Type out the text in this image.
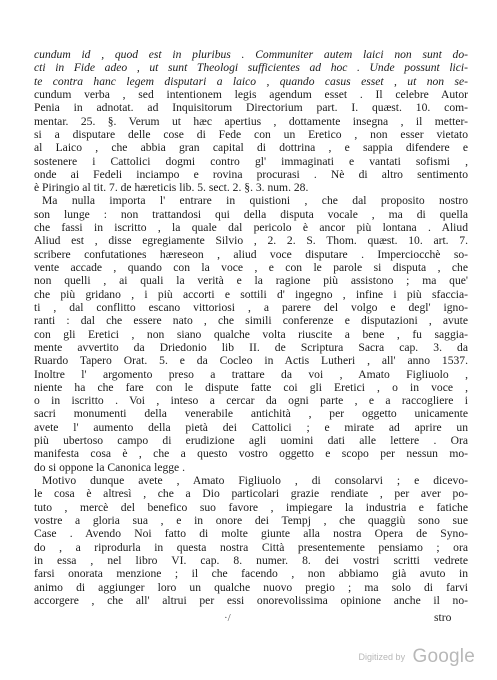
cundum id , quod est in pluribus . Communiter autem laici non sunt do-
cti in Fide adeo , ut sunt Theologi sufficientes ad hoc . Unde possunt lici-
te contra hanc legem disputari a laico , quando casus esset , ut non se-
cundum verba , sed intentionem legis agendum esset . Il celebre Autor
Penia in adnotat. ad Inquisitorum Directorium part. I. quæst. 10. com-
mentar. 25. §. Verum ut hæc apertius , dottamente insegna , il metter-
si a disputare delle cose di Fede con un Eretico , non esser vietato
al Laico , che abbia gran capital di dottrina , e sappia difendere e
sostenere i Cattolici dogmi contro gl' immaginati e vantati sofismi ,
onde ai Fedeli inciampo e rovina procurasi . Nè di altro sentimento
è Piringio al tit. 7. de hæreticis lib. 5. sect. 2. §. 3. num. 28.
Ma nulla importa l' entrare in quistioni , che dal proposito nostro
son lunge : non trattandosi qui della disputa vocale , ma di quella
che fassi in iscritto , la quale dal pericolo è ancor più lontana . Aliud
Aliud est , disse egregiamente Silvio , 2. 2. S. Thom. quæst. 10. art. 7.
scribere confutationes hæreseon , aliud voce disputare . Imperciocchè so-
vente accade , quando con la voce , e con le parole si disputa , che
non quelli , ai quali la verità e la ragione più assistono ; ma que'
che più gridano , i più accorti e sottili d' ingegno , infine i più sfaccia-
ti , dal conflitto escano vittoriosi , a parere del volgo e degl' igno-
ranti : dal che essere nato , che simili conferenze e disputazioni , avute
con gli Eretici , non siano qualche volta riuscite a bene , fu saggia-
mente avvertito da Driedonio lib II. de Scriptura Sacra cap. 3. da
Ruardo Tapero Orat. 5. e da Cocleo in Actis Lutheri , all' anno 1537.
Inoltre l' argomento preso a trattare da voi , Amato Figliuolo ,
niente ha che fare con le dispute fatte coi gli Eretici , o in voce ,
o in iscritto . Voi , inteso a cercar da ogni parte , e a raccogliere i
sacri monumenti della venerabile antichità , per oggetto unicamente
avete l' aumento della pietà dei Cattolici ; e mirate ad aprire un
più ubertoso campo di erudizione agli uomini dati alle lettere . Ora
manifesta cosa è , che a questo vostro oggetto e scopo per nessun mo-
do si oppone la Canonica legge .
Motivo dunque avete , Amato Figliuolo , di consolarvi ; e dicevo-
le cosa è altresì , che a Dio particolari grazie rendiate , per aver po-
tuto , mercè del benefico suo favore , impiegare la industria e fatiche
vostre a gloria sua , e in onore dei Tempj , che quaggiù sono sue
Case . Avendo Noi fatto di molte giunte alla nostra Opera de Syno-
do , a riprodurla in questa nostra Città presentemente pensiamo ; ora
in essa , nel libro VI. cap. 8. numer. 8. dei vostri scritti vedrete
farsi onorata menzione ; il che facendo , non abbiamo già avuto in
animo di aggiunger loro un qualche nuovo pregio ; ma solo di farvi
accorgere , che all' altrui per essi onorevolissima opinione anche il no-
·/	stro
Digitized by Google
